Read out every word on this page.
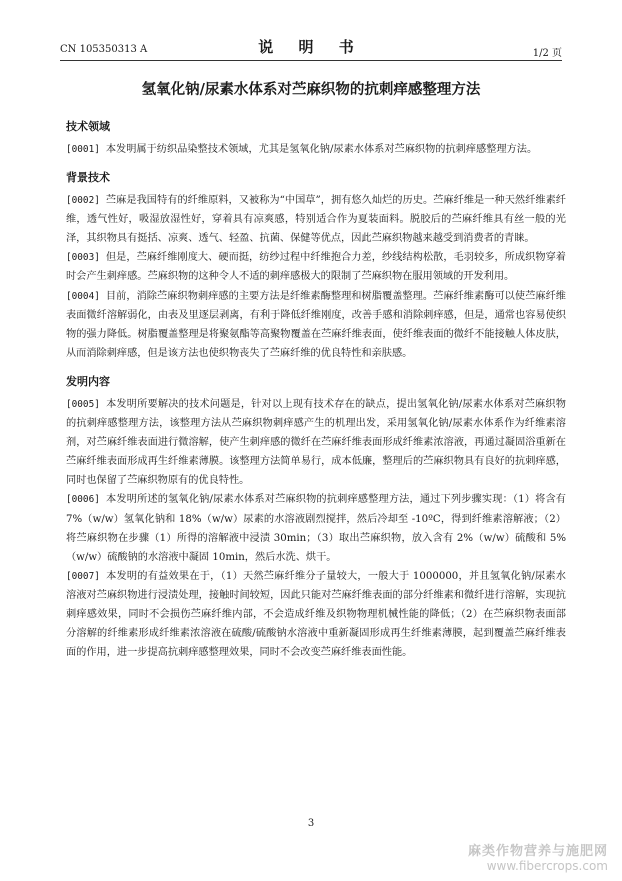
CN 105350313 A	说 明 书	1/2 页
氢氧化钠/尿素水体系对苎麻织物的抗刺痒感整理方法
技术领域

[0001] 本发明属于纺织品染整技术领域，尤其是氢氧化钠/尿素水体系对苎麻织物的抗刺痒感整理方法。

背景技术

[0002] 苎麻是我国特有的纤维原料，又被称为“中国草”，拥有悠久灿烂的历史。苎麻纤维是一种天然纤维素纤维，透气性好，吸湿放湿性好，穿着具有凉爽感，特别适合作为夏装面料。脱胶后的苎麻纤维具有丝一般的光泽，其织物具有挺括、凉爽、透气、轻盈、抗菌、保健等优点，因此苎麻织物越来越受到消费者的青睐。

[0003] 但是，苎麻纤维刚度大、硬而挺，纺纱过程中纤维抱合力差，纱线结构松散，毛羽较多，所成织物穿着时会产生刺痒感。苎麻织物的这种令人不适的刺痒感极大的限制了苎麻织物在服用领域的开发利用。

[0004] 目前，消除苎麻织物刺痒感的主要方法是纤维素酶整理和树脂覆盖整理。苎麻纤维素酶可以使苎麻纤维表面微纤溶解弱化，由表及里逐层剥离，有利于降低纤维刚度，改善手感和消除刺痒感，但是，通常也容易使织物的强力降低。树脂覆盖整理是将聚氨酯等高聚物覆盖在苎麻纤维表面，使纤维表面的微纤不能接触人体皮肤，从而消除刺痒感，但是该方法也使织物丧失了苎麻纤维的优良特性和亲肤感。

发明内容

[0005] 本发明所要解决的技术问题是，针对以上现有技术存在的缺点，提出氢氧化钠/尿素水体系对苎麻织物的抗刺痒感整理方法，该整理方法从苎麻织物刺痒感产生的机理出发，采用氢氧化钠/尿素水体系作为纤维素溶剂，对苎麻纤维表面进行微溶解，使产生刺痒感的微纤在苎麻纤维表面形成纤维素浓溶液，再通过凝固浴重新在苎麻纤维表面形成再生纤维素薄膜。该整理方法简单易行，成本低廉，整理后的苎麻织物具有良好的抗刺痒感，同时也保留了苎麻织物原有的优良特性。

[0006] 本发明所述的氢氧化钠/尿素水体系对苎麻织物的抗刺痒感整理方法，通过下列步骤实现：（1）将含有 7%（w/w）氢氧化钠和 18%（w/w）尿素的水溶液剧烈搅拌，然后冷却至 -10ºC，得到纤维素溶解液；（2）将苎麻织物在步骤（1）所得的溶解液中浸渍 30min；（3）取出苎麻织物，放入含有 2%（w/w）硫酸和 5%（w/w）硫酸钠的水溶液中凝固 10min，然后水洗、烘干。

[0007] 本发明的有益效果在于，（1）天然苎麻纤维分子量较大，一般大于 1000000，并且氢氧化钠/尿素水溶液对苎麻织物进行浸渍处理，接触时间较短，因此只能对苎麻纤维表面的部分纤维素和微纤进行溶解，实现抗刺痒感效果，同时不会损伤苎麻纤维内部，不会造成纤维及织物物理机械性能的降低；（2）在苎麻织物表面部分溶解的纤维素形成纤维素浓溶液在硫酸/硫酸钠水溶液中重新凝固形成再生纤维素薄膜，起到覆盖苎麻纤维表面的作用，进一步提高抗刺痒感整理效果，同时不会改变苎麻纤维表面性能。

3
麻类作物营养与施肥网
www.fibercrops.com
